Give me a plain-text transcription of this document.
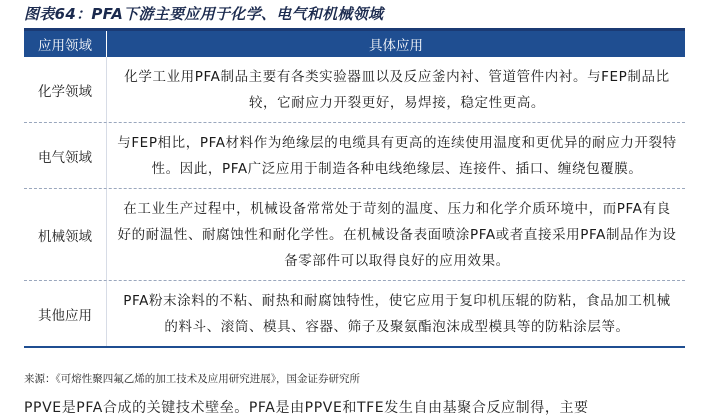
图表64：PFA下游主要应用于化学、电气和机械领域
应用领域	具体应用
化学领域
化学工业用PFA制品主要有各类实验器皿以及反应釜内衬、管道管件内衬。与FEP制品比较，它耐应力开裂更好，易焊接，稳定性更高。
电气领域
与FEP相比，PFA材料作为绝缘层的电缆具有更高的连续使用温度和更优异的耐应力开裂特性。因此，PFA广泛应用于制造各种电线绝缘层、连接件、插口、缠绕包覆膜。
机械领域
在工业生产过程中，机械设备常常处于苛刻的温度、压力和化学介质环境中，而PFA有良好的耐温性、耐腐蚀性和耐化学性。在机械设备表面喷涂PFA或者直接采用PFA制品作为设备零部件可以取得良好的应用效果。
其他应用
PFA粉末涂料的不粘、耐热和耐腐蚀特性，使它应用于复印机压辊的防粘，食品加工机械的料斗、滚筒、模具、容器、筛子及聚氨酯泡沫成型模具等的防粘涂层等。
来源：《可熔性聚四氟乙烯的加工技术及应用研究进展》，国金证券研究所
PPVE是PFA合成的关键技术壁垒。PFA是由PPVE和TFE发生自由基聚合反应制得，主要
